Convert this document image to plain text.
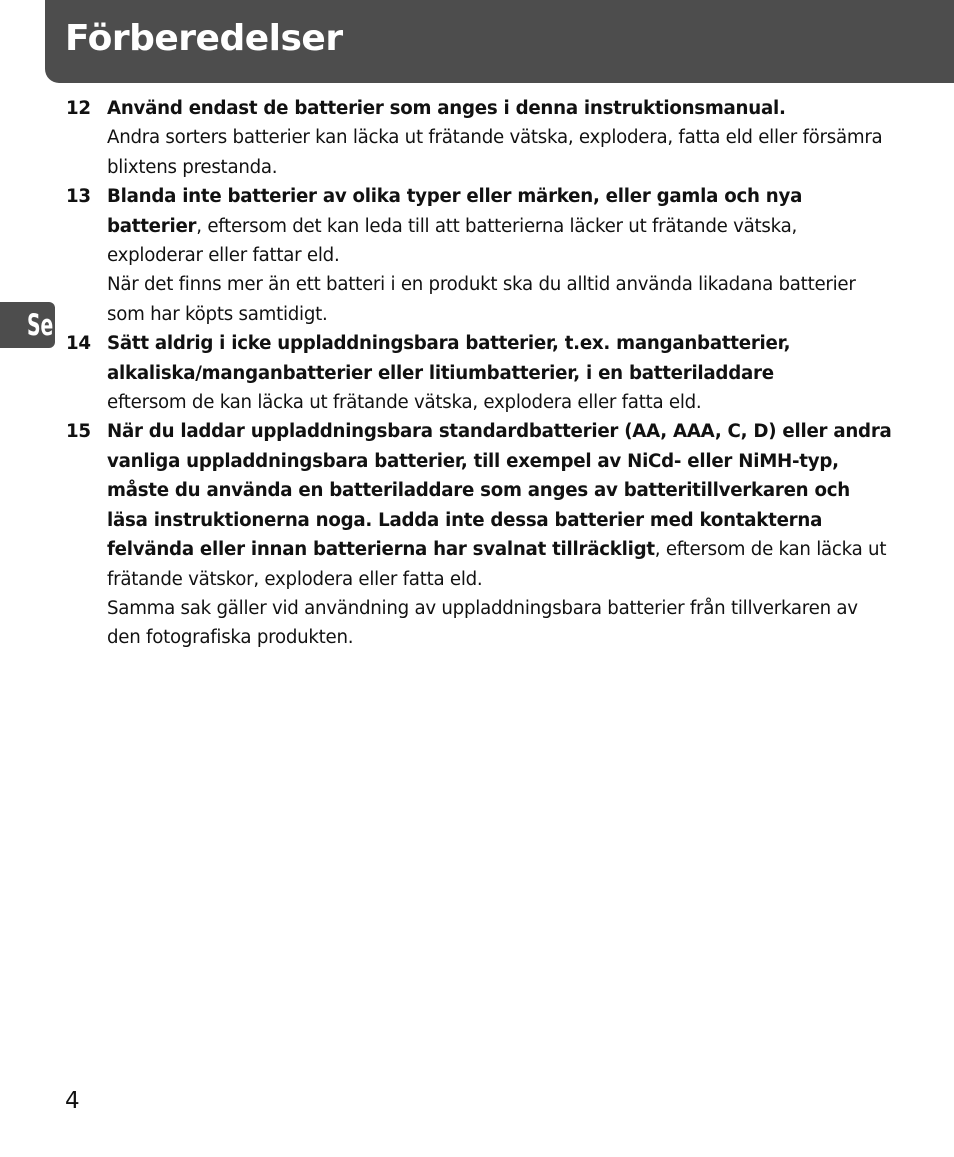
Förberedelser
Se
12 Använd endast de batterier som anges i denna instruktionsmanual.
Andra sorters batterier kan läcka ut frätande vätska, explodera, fatta eld eller försämra blixtens prestanda.
13 Blanda inte batterier av olika typer eller märken, eller gamla och nya batterier, eftersom det kan leda till att batterierna läcker ut frätande vätska, exploderar eller fattar eld.
När det finns mer än ett batteri i en produkt ska du alltid använda likadana batterier som har köpts samtidigt.
14 Sätt aldrig i icke uppladdningsbara batterier, t.ex. manganbatterier, alkaliska/manganbatterier eller litiumbatterier, i en batteriladdare
eftersom de kan läcka ut frätande vätska, explodera eller fatta eld.
15 När du laddar uppladdningsbara standardbatterier (AA, AAA, C, D) eller andra vanliga uppladdningsbara batterier, till exempel av NiCd- eller NiMH-typ, måste du använda en batteriladdare som anges av batteritillverkaren och läsa instruktionerna noga. Ladda inte dessa batterier med kontakterna felvända eller innan batterierna har svalnat tillräckligt, eftersom de kan läcka ut frätande vätskor, explodera eller fatta eld.
Samma sak gäller vid användning av uppladdningsbara batterier från tillverkaren av den fotografiska produkten.
4
